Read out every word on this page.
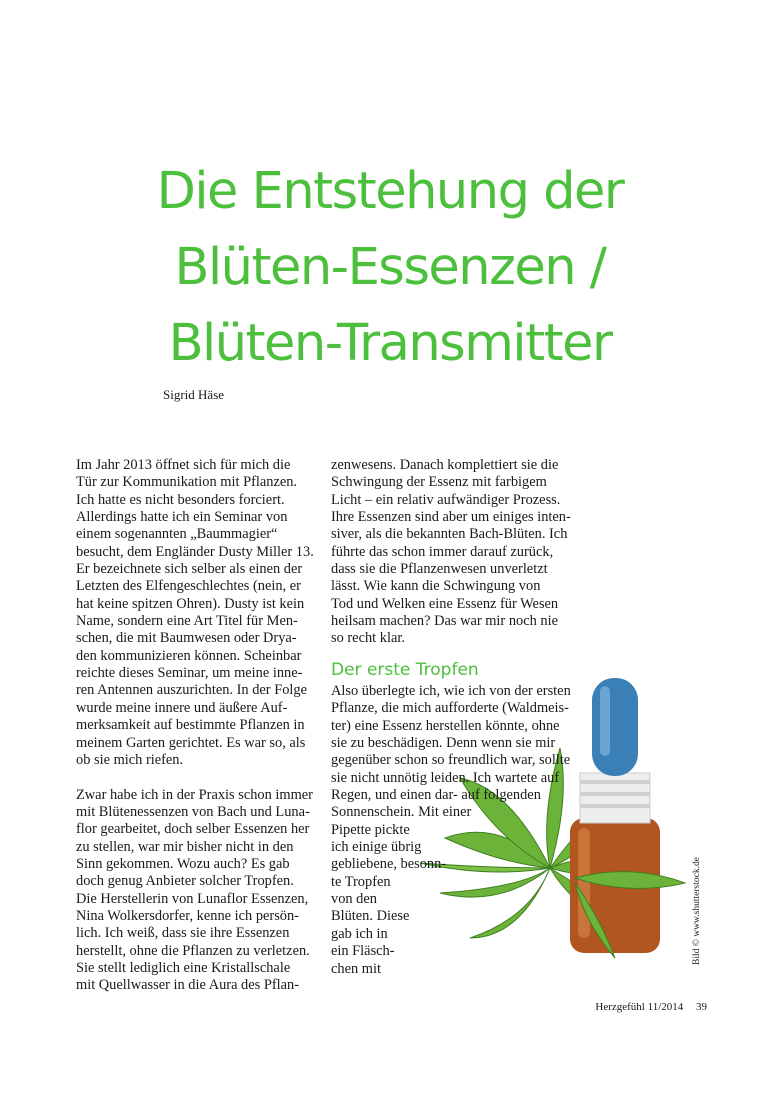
Die Entstehung der
Blüten-Essenzen /
Blüten-Transmitter
Sigrid Häse

Im Jahr 2013 öffnet sich für mich die

Tür zur Kommunikation mit Pflanzen.

Ich hatte es nicht besonders forciert.

Allerdings hatte ich ein Seminar von

einem sogenannten „Baummagier“

besucht, dem Engländer Dusty Miller 13.

Er bezeichnete sich selber als einen der

Letzten des Elfengeschlechtes (nein, er

hat keine spitzen Ohren). Dusty ist kein

Name, sondern eine Art Titel für Men-

schen, die mit Baumwesen oder Drya-

den kommunizieren können. Scheinbar

reichte dieses Seminar, um meine inne-

ren Antennen auszurichten. In der Folge

wurde meine innere und äußere Auf-

merksamkeit auf bestimmte Pflanzen in

meinem Garten gerichtet. Es war so, als

ob sie mich riefen.

Zwar habe ich in der Praxis schon immer

mit Blütenessenzen von Bach und Luna-

flor gearbeitet, doch selber Essenzen her

zu stellen, war mir bisher nicht in den

Sinn gekommen. Wozu auch? Es gab

doch genug Anbieter solcher Tropfen.

Die Herstellerin von Lunaflor Essenzen,

Nina Wolkersdorfer, kenne ich persön-

lich. Ich weiß, dass sie ihre Essenzen

herstellt, ohne die Pflanzen zu verletzen.

Sie stellt lediglich eine Kristallschale

mit Quellwasser in die Aura des Pflan-

zenwesens. Danach komplettiert sie die

Schwingung der Essenz mit farbigem

Licht – ein relativ aufwändiger Prozess.

Ihre Essenzen sind aber um einiges inten-

siver, als die bekannten Bach-Blüten. Ich

führte das schon immer darauf zurück,

dass sie die Pflanzenwesen unverletzt

lässt. Wie kann die Schwingung von

Tod und Welken eine Essenz für Wesen

heilsam machen? Das war mir noch nie

so recht klar.

Der erste Tropfen

Also überlegte ich, wie ich von der ersten

Pflanze, die mich aufforderte (Waldmeis-

ter) eine Essenz herstellen könnte, ohne

sie zu beschädigen. Denn wenn sie mir

gegenüber schon so freundlich war, sollte

sie nicht unnötig leiden. Ich wartete auf

Regen, und einen dar- auf folgenden

Sonnenschein. Mit einer

Pipette pickte

ich einige übrig

gebliebene, besonn-

te Tropfen

von den

Blüten. Diese

gab ich in

ein Fläsch-

chen mit

Bild © www.shutterstock.de
Herzgefühl 11/2014 39
